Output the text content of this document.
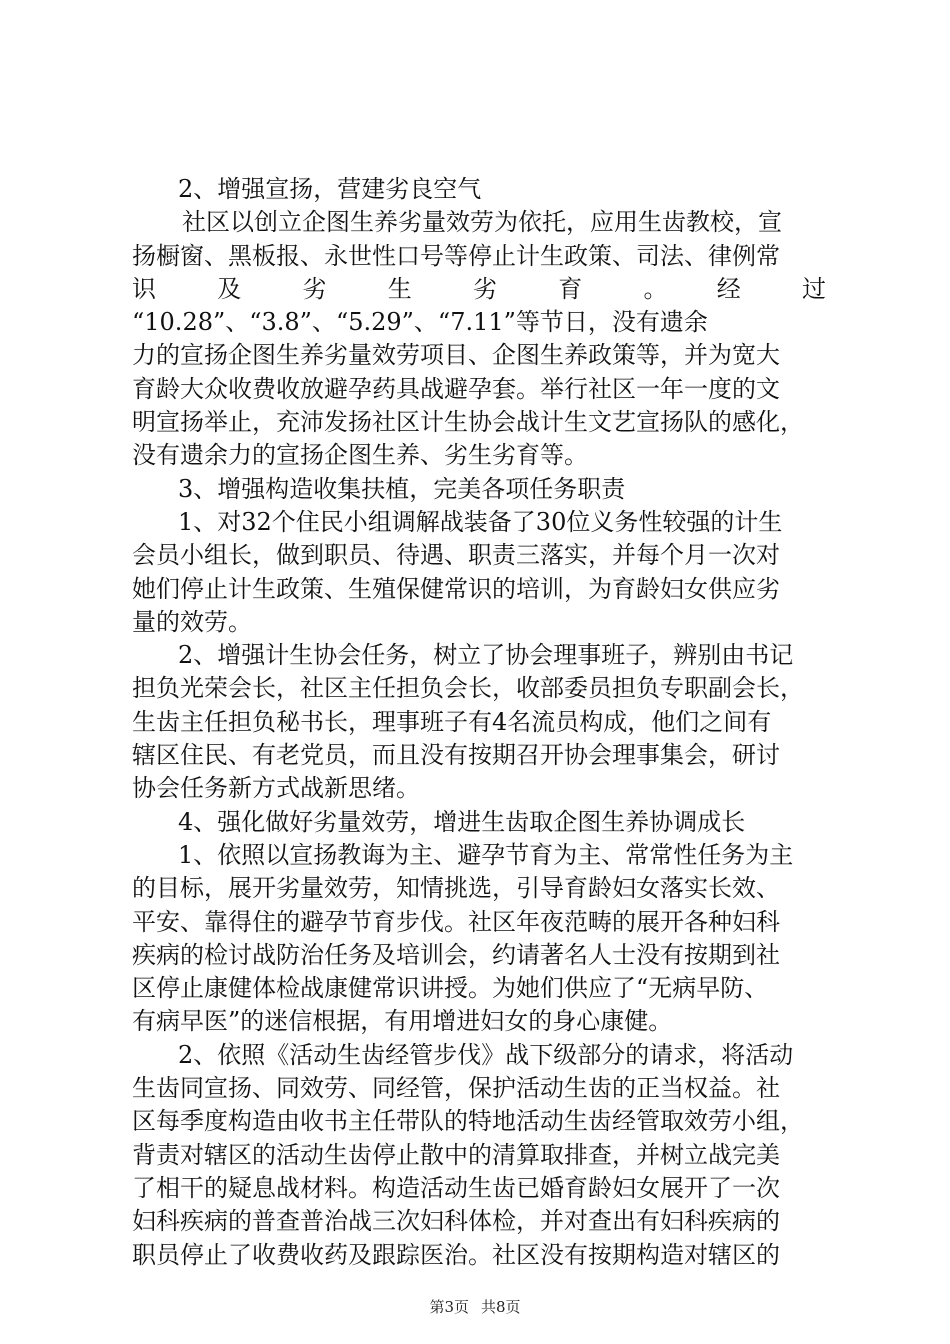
2、增强宣扬，营建劣良空气
社区以创立企图生养劣量效劳为依托，应用生齿教校，宣
扬橱窗、黑板报、永世性口号等停止计生政策、司法、律例常
识　及　劣　生　劣　育　。　经　过
“10.28”、“3.8”、“5.29”、“7.11”等节日，没有遗余
力的宣扬企图生养劣量效劳项目、企图生养政策等，并为宽大
育龄大众收费收放避孕药具战避孕套。举行社区一年一度的文
明宣扬举止，充沛发扬社区计生协会战计生文艺宣扬队的感化，
没有遗余力的宣扬企图生养、劣生劣育等。
3、增强构造收集扶植，完美各项任务职责
1、对32个住民小组调解战装备了30位义务性较强的计生
会员小组长，做到职员、待遇、职责三落实，并每个月一次对
她们停止计生政策、生殖保健常识的培训，为育龄妇女供应劣
量的效劳。
2、增强计生协会任务，树立了协会理事班子，辨别由书记
担负光荣会长，社区主任担负会长，收部委员担负专职副会长，
生齿主任担负秘书长，理事班子有4名流员构成，他们之间有
辖区住民、有老党员，而且没有按期召开协会理事集会，研讨
协会任务新方式战新思绪。
4、强化做好劣量效劳，增进生齿取企图生养协调成长
1、依照以宣扬教诲为主、避孕节育为主、常常性任务为主
的目标，展开劣量效劳，知情挑选，引导育龄妇女落实长效、
平安、靠得住的避孕节育步伐。社区年夜范畴的展开各种妇科
疾病的检讨战防治任务及培训会，约请著名人士没有按期到社
区停止康健体检战康健常识讲授。为她们供应了“无病早防、
有病早医”的迷信根据，有用增进妇女的身心康健。
2、依照《活动生齿经管步伐》战下级部分的请求，将活动
生齿同宣扬、同效劳、同经管，保护活动生齿的正当权益。社
区每季度构造由收书主任带队的特地活动生齿经管取效劳小组，
背责对辖区的活动生齿停止散中的清算取排查，并树立战完美
了相干的疑息战材料。构造活动生齿已婚育龄妇女展开了一次
妇科疾病的普查普治战三次妇科体检，并对查出有妇科疾病的
职员停止了收费收药及跟踪医治。社区没有按期构造对辖区的
第3页 共8页
